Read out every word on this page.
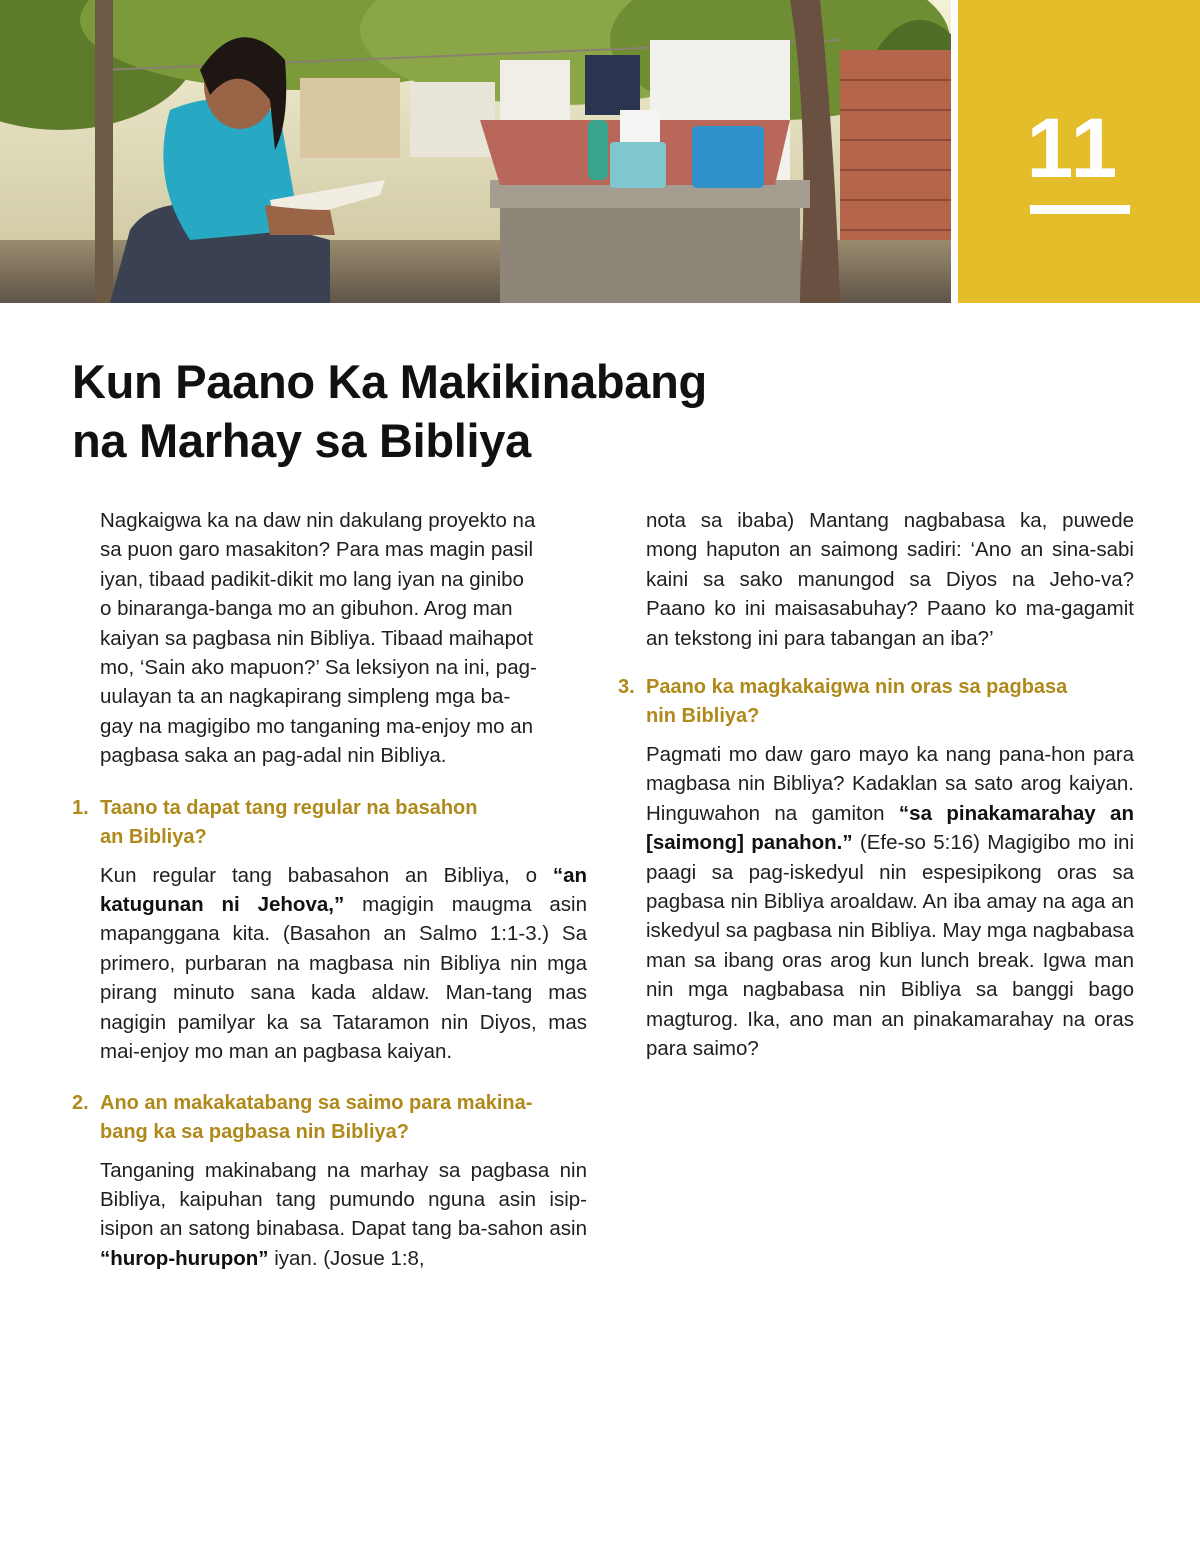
11
Kun Paano Ka Makikinabang
na Marhay sa Bibliya

Nagkaigwa ka na daw nin dakulang proyekto na
sa puon garo masakiton? Para mas magin pasil
iyan, tibaad padikit-dikit mo lang iyan na ginibo
o binaranga-banga mo an gibuhon. Arog man
kaiyan sa pagbasa nin Bibliya. Tibaad maihapot
mo, ‘Sain ako mapuon?’ Sa leksiyon na ini, pag-
uulayan ta an nagkapirang simpleng mga ba-
gay na magigibo mo tanganing ma-enjoy mo an
pagbasa saka an pag-adal nin Bibliya.

1. Taano ta dapat tang regular na basahon
an Bibliya?

Kun regular tang babasahon an Bibliya, o “an katugunan ni Jehova,” magigin maugma asin mapanggana kita. (Basahon an Salmo 1:1-3.) Sa primero, purbaran na magbasa nin Bibliya nin mga pirang minuto sana kada aldaw. Man-tang mas nagigin pamilyar ka sa Tataramon nin Diyos, mas mai-enjoy mo man an pagbasa kaiyan.

2. Ano an makakatabang sa saimo para makina-
bang ka sa pagbasa nin Bibliya?

Tanganing makinabang na marhay sa pagbasa nin Bibliya, kaipuhan tang pumundo nguna asin isip-isipon an satong binabasa. Dapat tang ba-sahon asin “hurop-hurupon” iyan. (Josue 1:8,

nota sa ibaba) Mantang nagbabasa ka, puwede mong haputon an saimong sadiri: ‘Ano an sina-sabi kaini sa sako manungod sa Diyos na Jeho-va? Paano ko ini maisasabuhay? Paano ko ma-gagamit an tekstong ini para tabangan an iba?’

3. Paano ka magkakaigwa nin oras sa pagbasa
nin Bibliya?

Pagmati mo daw garo mayo ka nang pana-hon para magbasa nin Bibliya? Kadaklan sa sato arog kaiyan. Hinguwahon na gamiton “sa pinakamarahay an [saimong] panahon.” (Efe-so 5:16) Magigibo mo ini paagi sa pag-iskedyul nin espesipikong oras sa pagbasa nin Bibliya aroaldaw. An iba amay na aga an iskedyul sa pagbasa nin Bibliya. May mga nagbabasa man sa ibang oras arog kun lunch break. Igwa man nin mga nagbabasa nin Bibliya sa banggi bago magturog. Ika, ano man an pinakamarahay na oras para saimo?
